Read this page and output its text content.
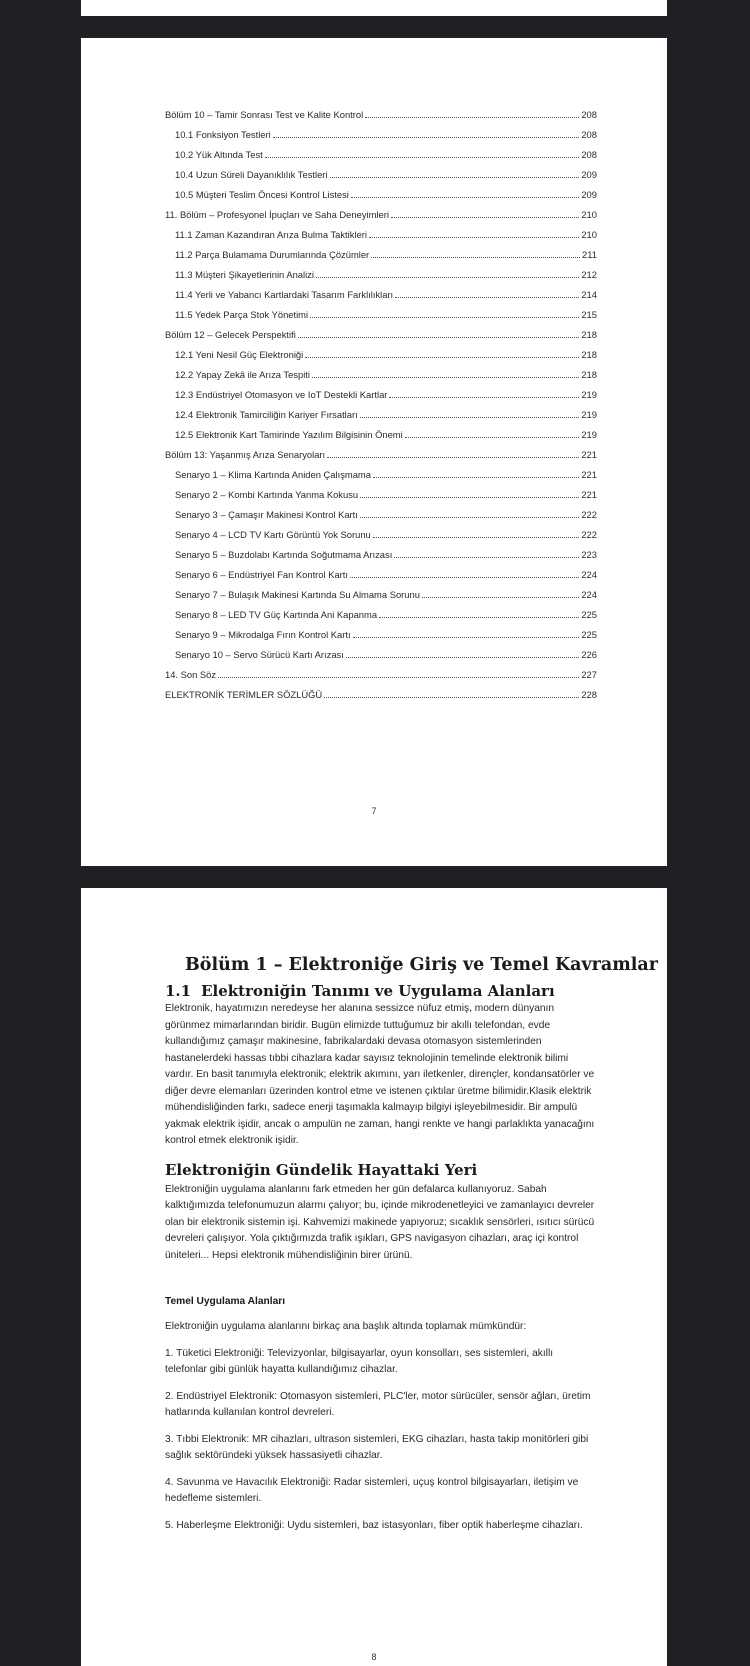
Bölüm 10 – Tamir Sonrası Test ve Kalite Kontrol	208
10.1 Fonksiyon Testleri	208
10.2 Yük Altında Test	208
10.4 Uzun Süreli Dayanıklılık Testleri	209
10.5 Müşteri Teslim Öncesi Kontrol Listesi	209
11. Bölüm – Profesyonel İpuçları ve Saha Deneyimleri	210
11.1 Zaman Kazandıran Arıza Bulma Taktikleri	210
11.2 Parça Bulamama Durumlarında Çözümler	211
11.3 Müşteri Şikayetlerinin Analizi	212
11.4 Yerli ve Yabancı Kartlardaki Tasarım Farklılıkları	214
11.5 Yedek Parça Stok Yönetimi	215
Bölüm 12 – Gelecek Perspektifi	218
12.1 Yeni Nesil Güç Elektroniği	218
12.2 Yapay Zekâ ile Arıza Tespiti	218
12.3 Endüstriyel Otomasyon ve IoT Destekli Kartlar	219
12.4 Elektronik Tamirciliğin Kariyer Fırsatları	219
12.5 Elektronik Kart Tamirinde Yazılım Bilgisinin Önemi	219
Bölüm 13: Yaşanmış Arıza Senaryoları	221
Senaryo 1 – Klima Kartında Aniden Çalışmama	221
Senaryo 2 – Kombi Kartında Yanma Kokusu	221
Senaryo 3 – Çamaşır Makinesi Kontrol Kartı	222
Senaryo 4 – LCD TV Kartı Görüntü Yok Sorunu	222
Senaryo 5 – Buzdolabı Kartında Soğutmama Arızası	223
Senaryo 6 – Endüstriyel Fan Kontrol Kartı	224
Senaryo 7 – Bulaşık Makinesi Kartında Su Almama Sorunu	224
Senaryo 8 – LED TV Güç Kartında Ani Kapanma	225
Senaryo 9 – Mikrodalga Fırın Kontrol Kartı	225
Senaryo 10 – Servo Sürücü Kartı Arızası	226
14. Son Söz	227
ELEKTRONİK TERİMLER SÖZLÜĞÜ	228
7
Bölüm 1 – Elektroniğe Giriş ve Temel Kavramlar
1.1 Elektroniğin Tanımı ve Uygulama Alanları

Elektronik, hayatımızın neredeyse her alanına sessizce nüfuz etmiş, modern dünyanın görünmez mimarlarından biridir. Bugün elimizde tuttuğumuz bir akıllı telefondan, evde kullandığımız çamaşır makinesine, fabrikalardaki devasa otomasyon sistemlerinden hastanelerdeki hassas tıbbi cihazlara kadar sayısız teknolojinin temelinde elektronik bilimi vardır. En basit tanımıyla elektronik; elektrik akımını, yarı iletkenler, dirençler, kondansatörler ve diğer devre elemanları üzerinden kontrol etme ve istenen çıktılar üretme bilimidir.Klasik elektrik mühendisliğinden farkı, sadece enerji taşımakla kalmayıp bilgiyi işleyebilmesidir. Bir ampulü yakmak elektrik işidir, ancak o ampulün ne zaman, hangi renkte ve hangi parlaklıkta yanacağını kontrol etmek elektronik işidir.

Elektroniğin Gündelik Hayattaki Yeri

Elektroniğin uygulama alanlarını fark etmeden her gün defalarca kullanıyoruz. Sabah kalktığımızda telefonumuzun alarmı çalıyor; bu, içinde mikrodenetleyici ve zamanlayıcı devreler olan bir elektronik sistemin işi. Kahvemizi makinede yapıyoruz; sıcaklık sensörleri, ısıtıcı sürücü devreleri çalışıyor. Yola çıktığımızda trafik ışıkları, GPS navigasyon cihazları, araç içi kontrol üniteleri... Hepsi elektronik mühendisliğinin birer ürünü.

Temel Uygulama Alanları

Elektroniğin uygulama alanlarını birkaç ana başlık altında toplamak mümkündür:

1. Tüketici Elektroniği: Televizyonlar, bilgisayarlar, oyun konsolları, ses sistemleri, akıllı telefonlar gibi günlük hayatta kullandığımız cihazlar.

2. Endüstriyel Elektronik: Otomasyon sistemleri, PLC'ler, motor sürücüler, sensör ağları, üretim hatlarında kullanılan kontrol devreleri.

3. Tıbbi Elektronik: MR cihazları, ultrason sistemleri, EKG cihazları, hasta takip monitörleri gibi sağlık sektöründeki yüksek hassasiyetli cihazlar.

4. Savunma ve Havacılık Elektroniği: Radar sistemleri, uçuş kontrol bilgisayarları, iletişim ve hedefleme sistemleri.

5. Haberleşme Elektroniği: Uydu sistemleri, baz istasyonları, fiber optik haberleşme cihazları.

8
